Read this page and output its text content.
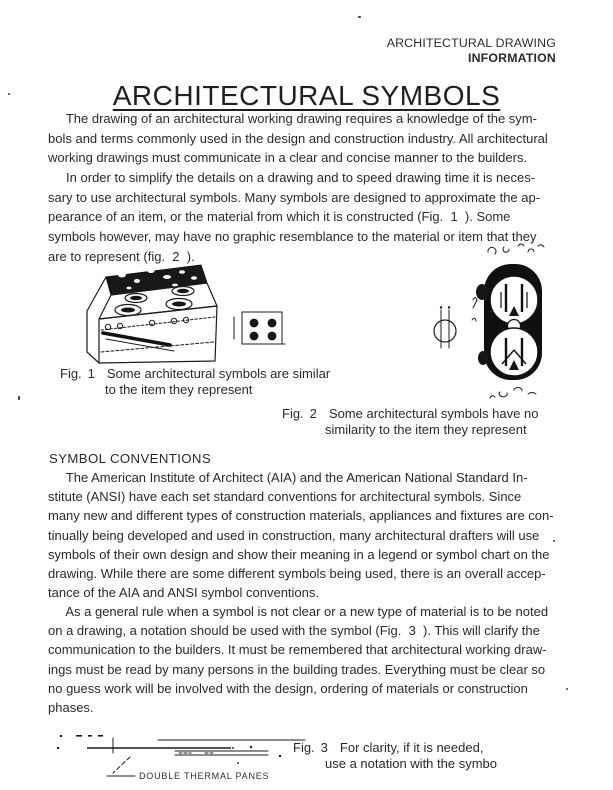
ARCHITECTURAL DRAWING
INFORMATION
ARCHITECTURAL SYMBOLS
The drawing of an architectural working drawing requires a knowledge of the sym-
bols and terms commonly used in the design and construction industry. All architectural
working drawings must communicate in a clear and concise manner to the builders.
In order to simplify the details on a drawing and to speed drawing time it is neces-
sary to use architectural symbols. Many symbols are designed to approximate the ap-
pearance of an item, or the material from which it is constructed (Fig.  1  ). Some
symbols however, may have no graphic resemblance to the material or item that they
are to represent (fig.  2  ).
Fig. 1 Some architectural symbols are similar
to the item they represent
Fig. 2 Some architectural symbols have no
similarity to the item they represent
SYMBOL CONVENTIONS
The American Institute of Architect (AIA) and the American National Standard In-
stitute (ANSI) have each set standard conventions for architectural symbols. Since
many new and different types of construction materials, appliances and fixtures are con-
tinually being developed and used in construction, many architectural drafters will use
symbols of their own design and show their meaning in a legend or symbol chart on the
drawing. While there are some different symbols being used, there is an overall accep-
tance of the AIA and ANSI symbol conventions.
As a general rule when a symbol is not clear or a new type of material is to be noted
on a drawing, a notation should be used with the symbol (Fig.  3  ). This will clarify the
communication to the builders. It must be remembered that architectural working draw-
ings must be read by many persons in the building trades. Everything must be clear so
no guess work will be involved with the design, ordering of materials or construction
phases.
DOUBLE THERMAL PANES
Fig. 3 For clarity, if it is needed,
use a notation with the symbo
